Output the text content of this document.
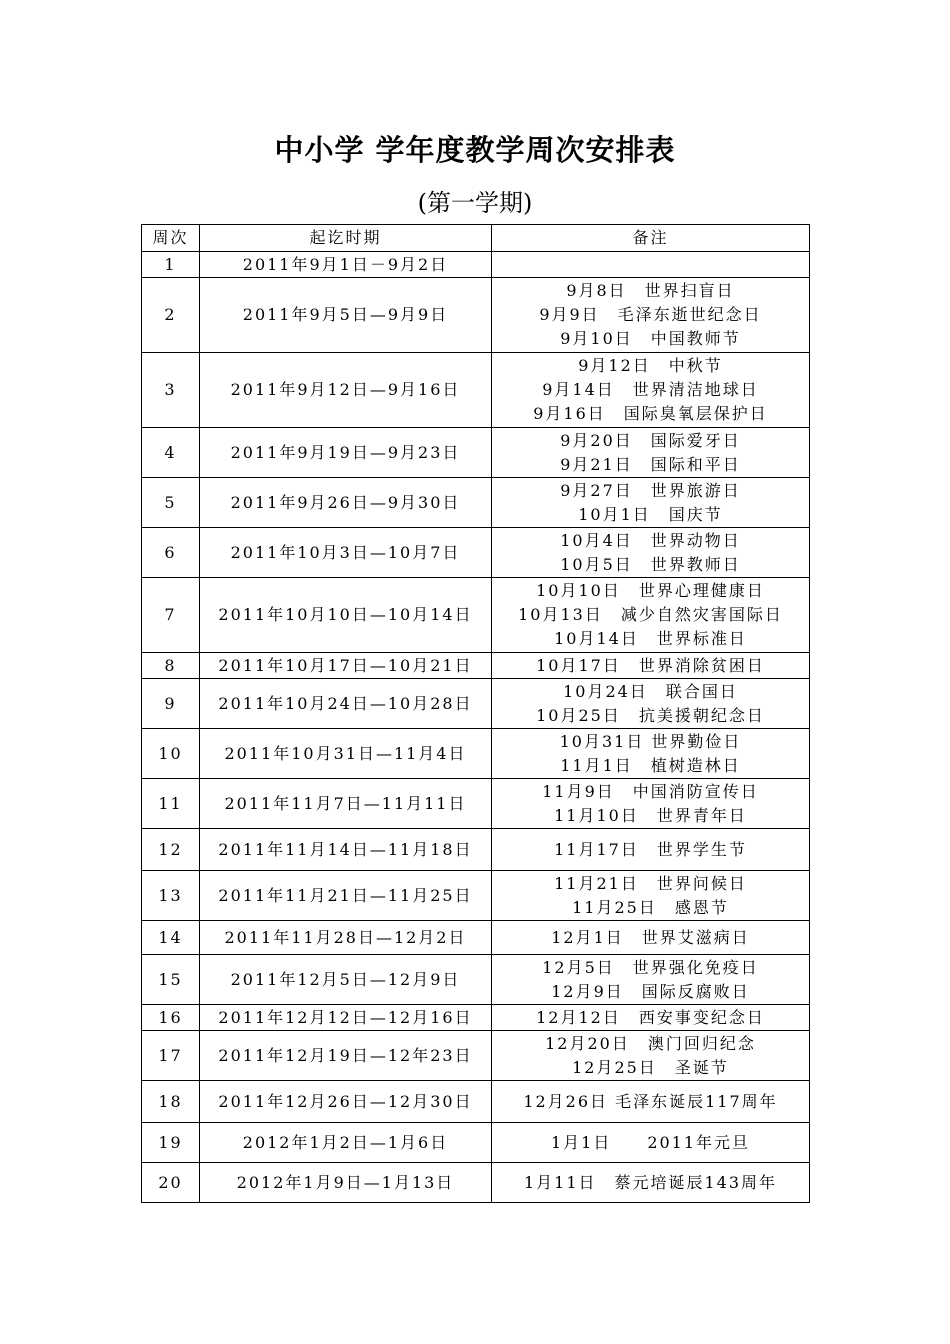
中小学 学年度教学周次安排表
(第一学期)
周次	起讫时期	备注
1	2011年9月1日－9月2日	
2	2011年9月5日—9月9日	9月8日　世界扫盲日
9月9日　毛泽东逝世纪念日
9月10日　中国教师节

3	2011年9月12日—9月16日	9月12日　中秋节
9月14日　世界清洁地球日
9月16日　国际臭氧层保护日

4	2011年9月19日—9月23日	9月20日　国际爱牙日
9月21日　国际和平日

5	2011年9月26日—9月30日	9月27日　世界旅游日
10月1日　国庆节

6	2011年10月3日—10月7日	10月4日　世界动物日
10月5日　世界教师日

7	2011年10月10日—10月14日	10月10日　世界心理健康日
10月13日　减少自然灾害国际日
10月14日　世界标准日

8	2011年10月17日—10月21日	10月17日　世界消除贫困日

9	2011年10月24日—10月28日	10月24日　联合国日
10月25日　抗美援朝纪念日

10	2011年10月31日—11月4日	10月31日 世界勤俭日
11月1日　植树造林日

11	2011年11月7日—11月11日	11月9日　中国消防宣传日
11月10日　世界青年日

12	2011年11月14日—11月18日	11月17日　世界学生节

13	2011年11月21日—11月25日	11月21日　世界问候日
11月25日　感恩节

14	2011年11月28日—12月2日	12月1日　世界艾滋病日

15	2011年12月5日—12月9日	12月5日　世界强化免疫日
12月9日　国际反腐败日

16	2011年12月12日—12月16日	12月12日　西安事变纪念日

17	2011年12月19日—12年23日	12月20日　澳门回归纪念
12月25日　圣诞节

18	2011年12月26日—12月30日	12月26日 毛泽东诞辰117周年

19	2012年1月2日—1月6日	1月1日　　2011年元旦

20	2012年1月9日—1月13日	1月11日　蔡元培诞辰143周年
